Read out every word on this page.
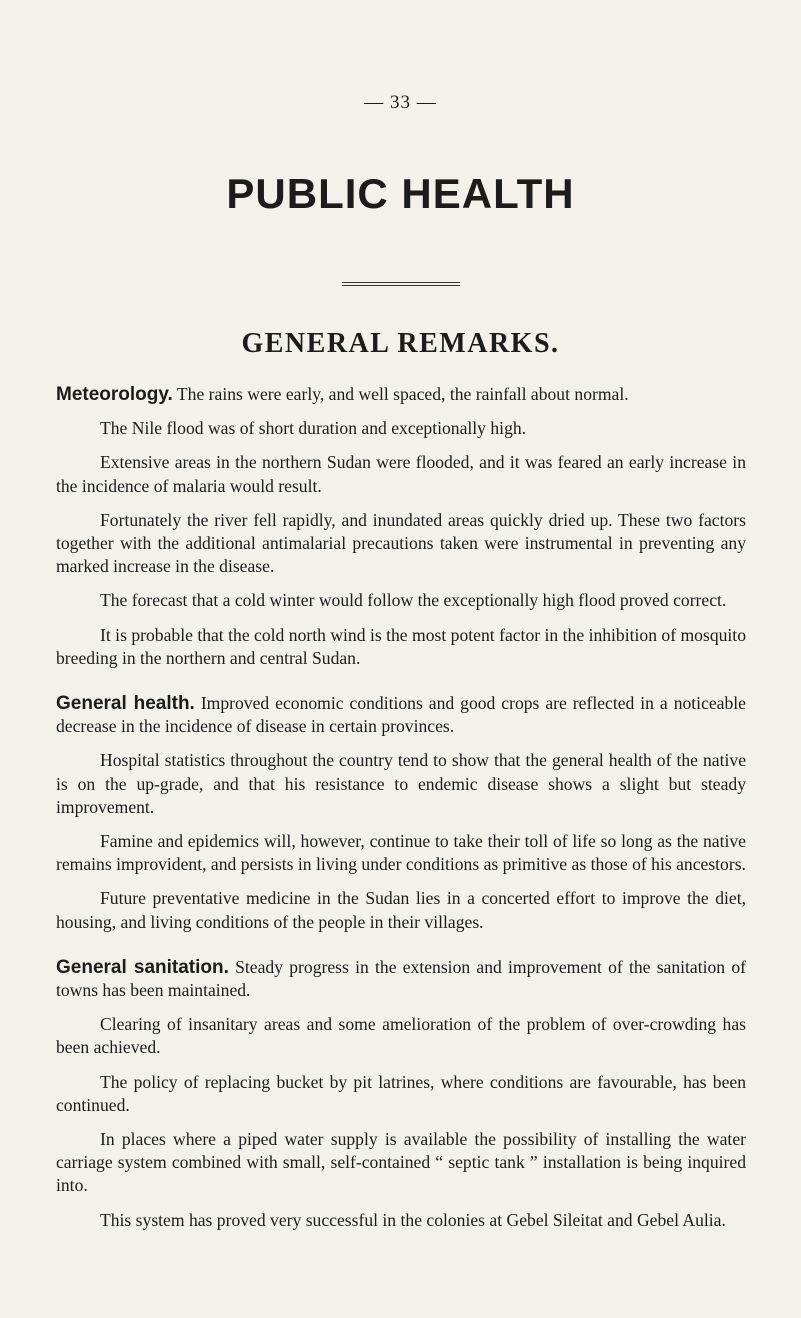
— 33 —
PUBLIC HEALTH
GENERAL REMARKS.

Meteorology. The rains were early, and well spaced, the rainfall about normal.

The Nile flood was of short duration and exceptionally high.

Extensive areas in the northern Sudan were flooded, and it was feared an early increase in the incidence of malaria would result.

Fortunately the river fell rapidly, and inundated areas quickly dried up. These two factors together with the additional antimalarial precautions taken were instrumental in preventing any marked increase in the disease.

The forecast that a cold winter would follow the exceptionally high flood proved correct.

It is probable that the cold north wind is the most potent factor in the inhibition of mosquito breeding in the northern and central Sudan.

General health. Improved economic conditions and good crops are reflected in a noticeable decrease in the incidence of disease in certain provinces.

Hospital statistics throughout the country tend to show that the general health of the native is on the up-grade, and that his resistance to endemic disease shows a slight but steady improvement.

Famine and epidemics will, however, continue to take their toll of life so long as the native remains improvident, and persists in living under conditions as primitive as those of his ancestors.

Future preventative medicine in the Sudan lies in a concerted effort to improve the diet, housing, and living conditions of the people in their villages.

General sanitation. Steady progress in the extension and improvement of the sanitation of towns has been maintained.

Clearing of insanitary areas and some amelioration of the problem of over-crowding has been achieved.

The policy of replacing bucket by pit latrines, where conditions are favourable, has been continued.

In places where a piped water supply is available the possibility of installing the water carriage system combined with small, self-contained “ septic tank ” installation is being inquired into.

This system has proved very successful in the colonies at Gebel Sileitat and Gebel Aulia.
